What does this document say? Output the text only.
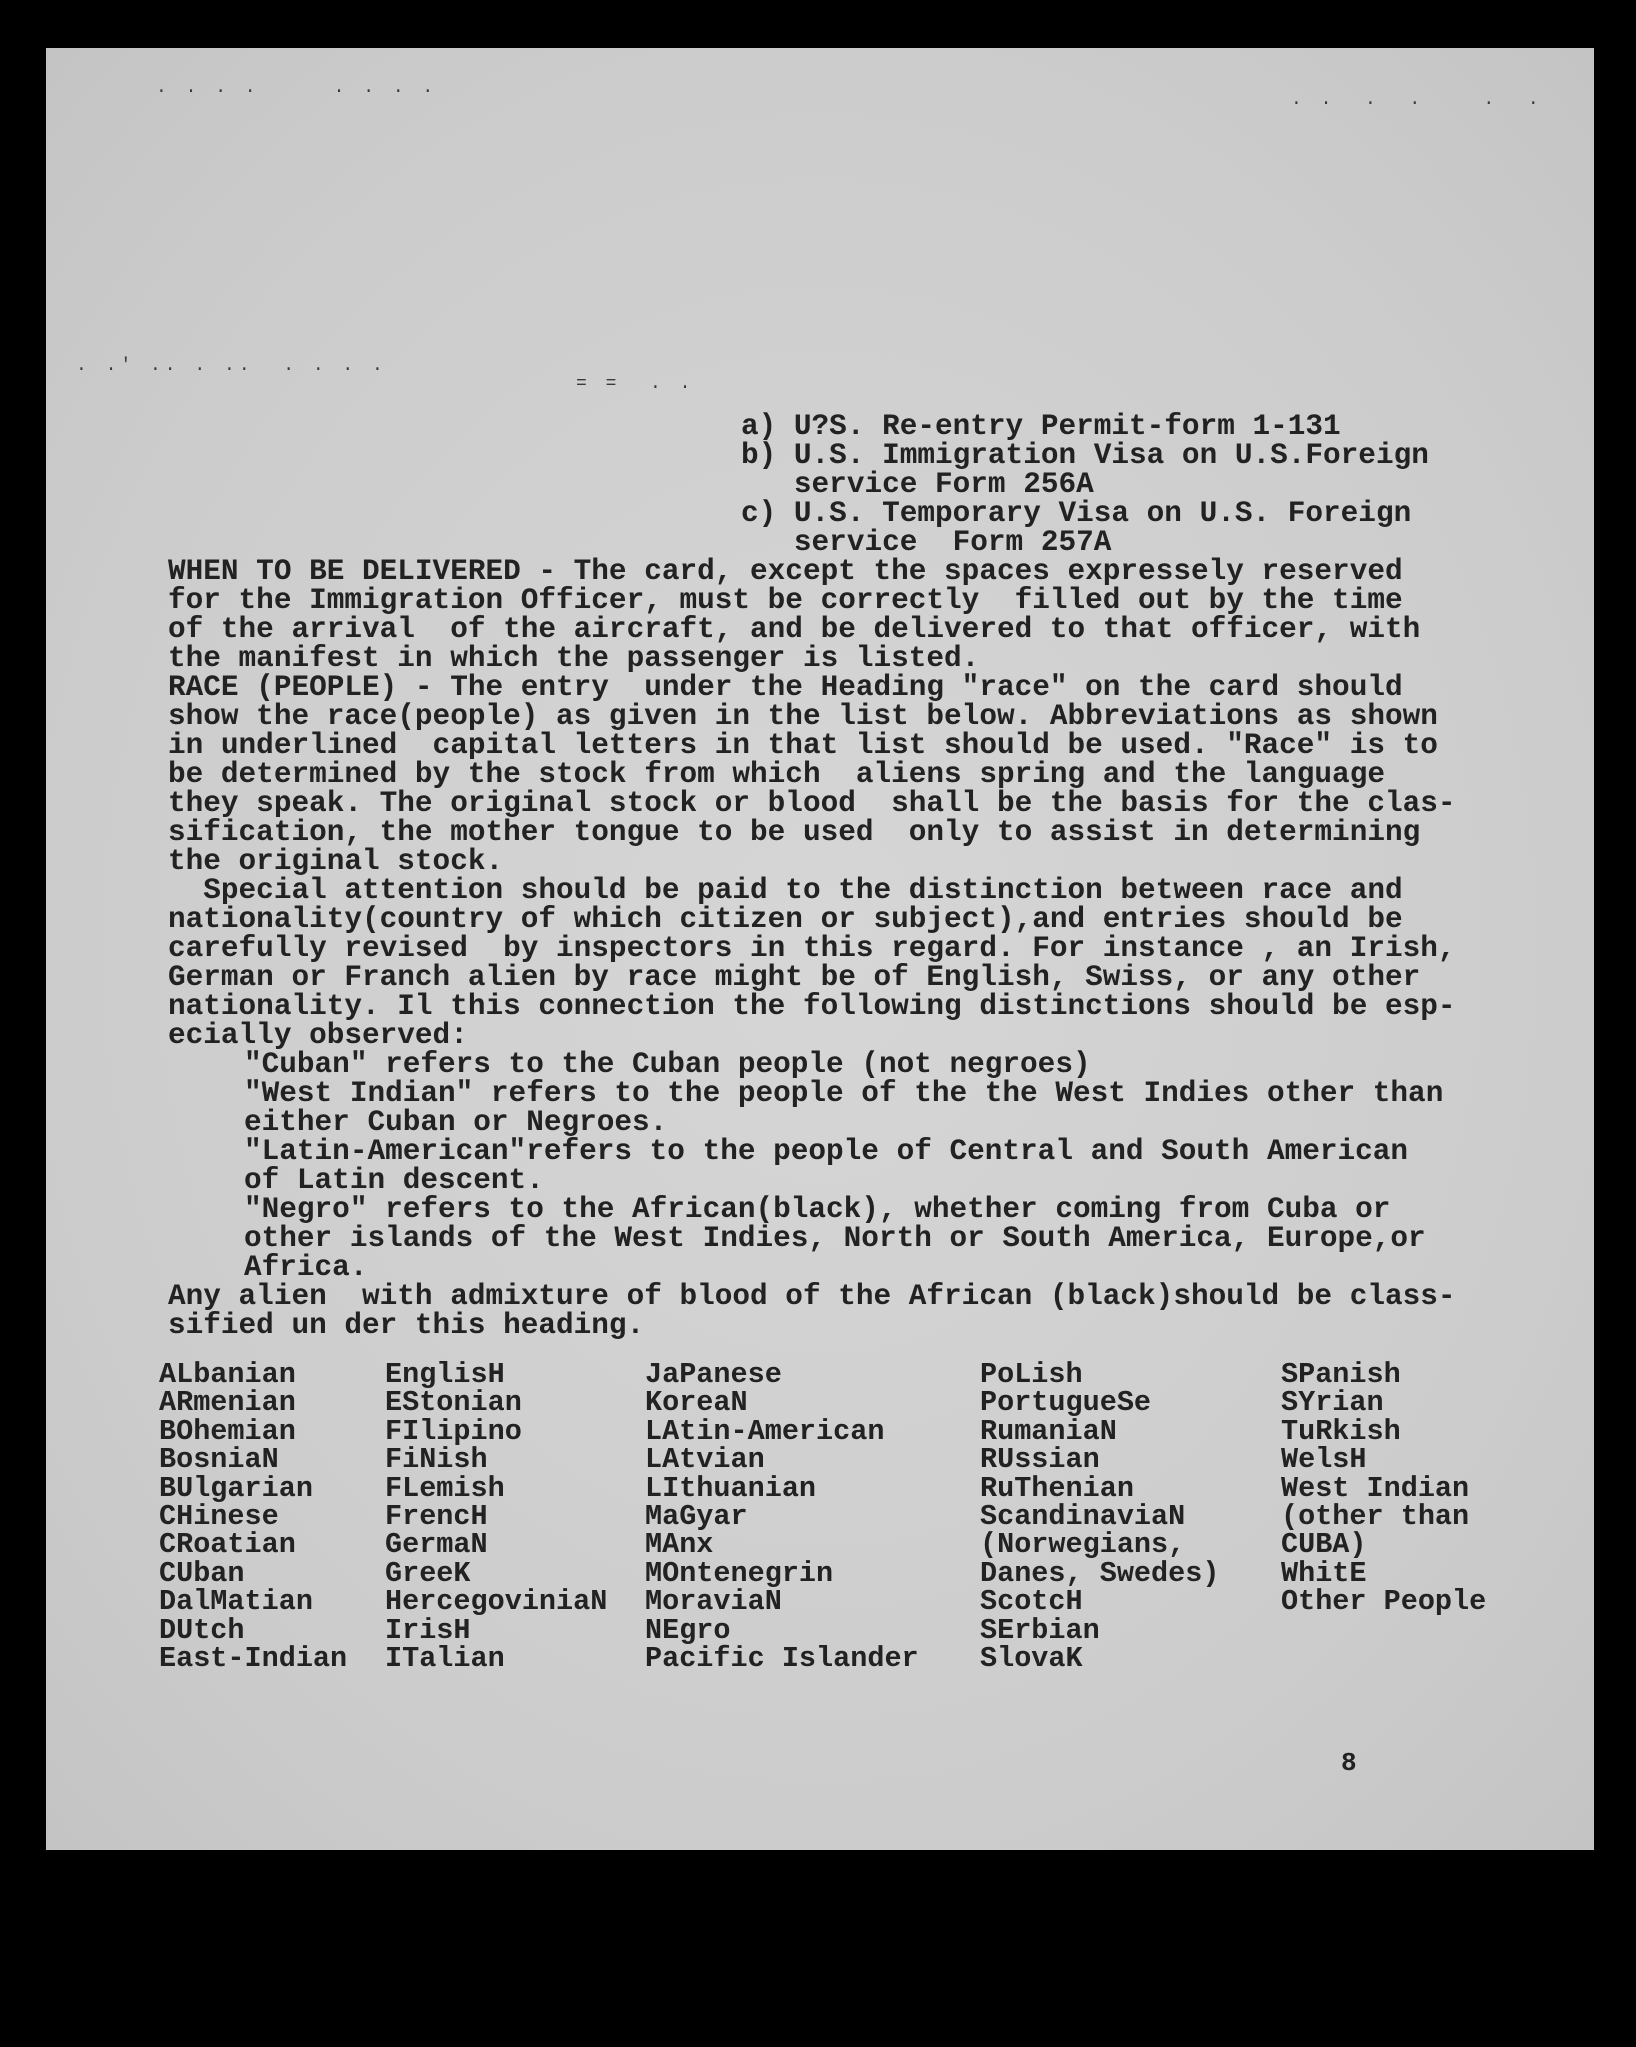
. . . .     . . . .
. .  .  .    .  .
. .' .. . ..  . . . .
= =  . .
a) U?S. Re-entry Permit-form 1-131
b) U.S. Immigration Visa on U.S.Foreign
service Form 256A
c) U.S. Temporary Visa on U.S. Foreign
service  Form 257A
WHEN TO BE DELIVERED - The card, except the spaces expressely reserved
for the Immigration Officer, must be correctly  filled out by the time
of the arrival  of the aircraft, and be delivered to that officer, with
the manifest in which the passenger is listed.
RACE (PEOPLE) - The entry  under the Heading "race" on the card should
show the race(people) as given in the list below. Abbreviations as shown
in underlined  capital letters in that list should be used. "Race" is to
be determined by the stock from which  aliens spring and the language
they speak. The original stock or blood  shall be the basis for the clas-
sification, the mother tongue to be used  only to assist in determining
the original stock.
Special attention should be paid to the distinction between race and
nationality(country of which citizen or subject),and entries should be
carefully revised  by inspectors in this regard. For instance , an Irish,
German or Franch alien by race might be of English, Swiss, or any other
nationality. Il this connection the following distinctions should be esp-
ecially observed:
"Cuban" refers to the Cuban people (not negroes)
"West Indian" refers to the people of the the West Indies other than
either Cuban or Negroes.
"Latin-American"refers to the people of Central and South American
of Latin descent.
"Negro" refers to the African(black), whether coming from Cuba or
other islands of the West Indies, North or South America, Europe,or
Africa.
Any alien  with admixture of blood of the African (black)should be class-
sified un der this heading.
ALbanian
ARmenian
BOhemian
BosniaN
BUlgarian
CHinese
CRoatian
CUban
DalMatian
DUtch
East-Indian
EnglisH
EStonian
FIlipino
FiNish
FLemish
FrencH
GermaN
GreeK
HercegoviniaN
IrisH
ITalian
JaPanese
KoreaN
LAtin-American
LAtvian
LIthuanian
MaGyar
MAnx
MOntenegrin
MoraviaN
NEgro
Pacific Islander
PoLish
PortugueSe
RumaniaN
RUssian
RuThenian
ScandinaviaN
(Norwegians,
Danes, Swedes)
ScotcH
SErbian
SlovaK
SPanish
SYrian
TuRkish
WelsH
West Indian
(other than
CUBA)
WhitE
Other People
8
